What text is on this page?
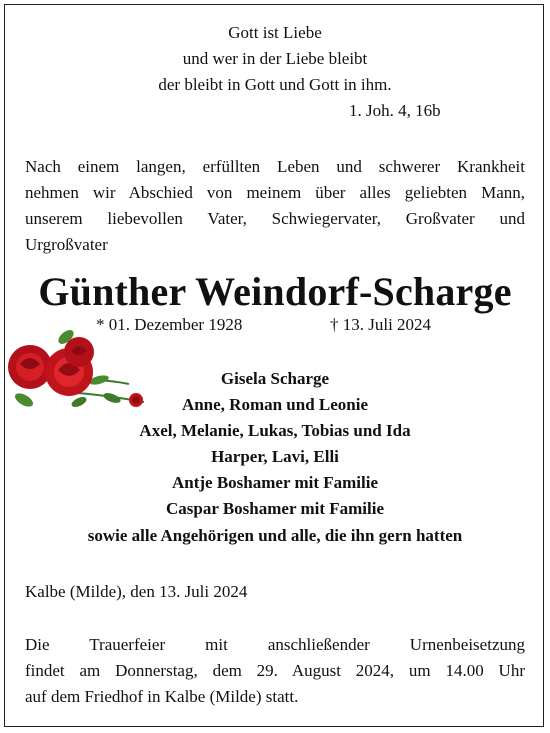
Gott ist Liebe
und wer in der Liebe bleibt
der bleibt in Gott und Gott in ihm.
1. Joh. 4, 16b
Nach einem langen, erfüllten Leben und schwerer Krankheit
nehmen wir Abschied von meinem über alles geliebten Mann,
unserem liebevollen Vater, Schwiegervater, Großvater und
Urgroßvater
Günther Weindorf-Scharge
* 01. Dezember 1928	† 13. Juli 2024
Gisela Scharge
Anne, Roman und Leonie
Axel, Melanie, Lukas, Tobias und Ida
Harper, Lavi, Elli
Antje Boshamer mit Familie
Caspar Boshamer mit Familie
sowie alle Angehörigen und alle, die ihn gern hatten
Kalbe (Milde), den 13. Juli 2024
Die Trauerfeier mit anschließender Urnenbeisetzung
findet am Donnerstag, dem 29. August 2024, um 14.00 Uhr
auf dem Friedhof in Kalbe (Milde) statt.
